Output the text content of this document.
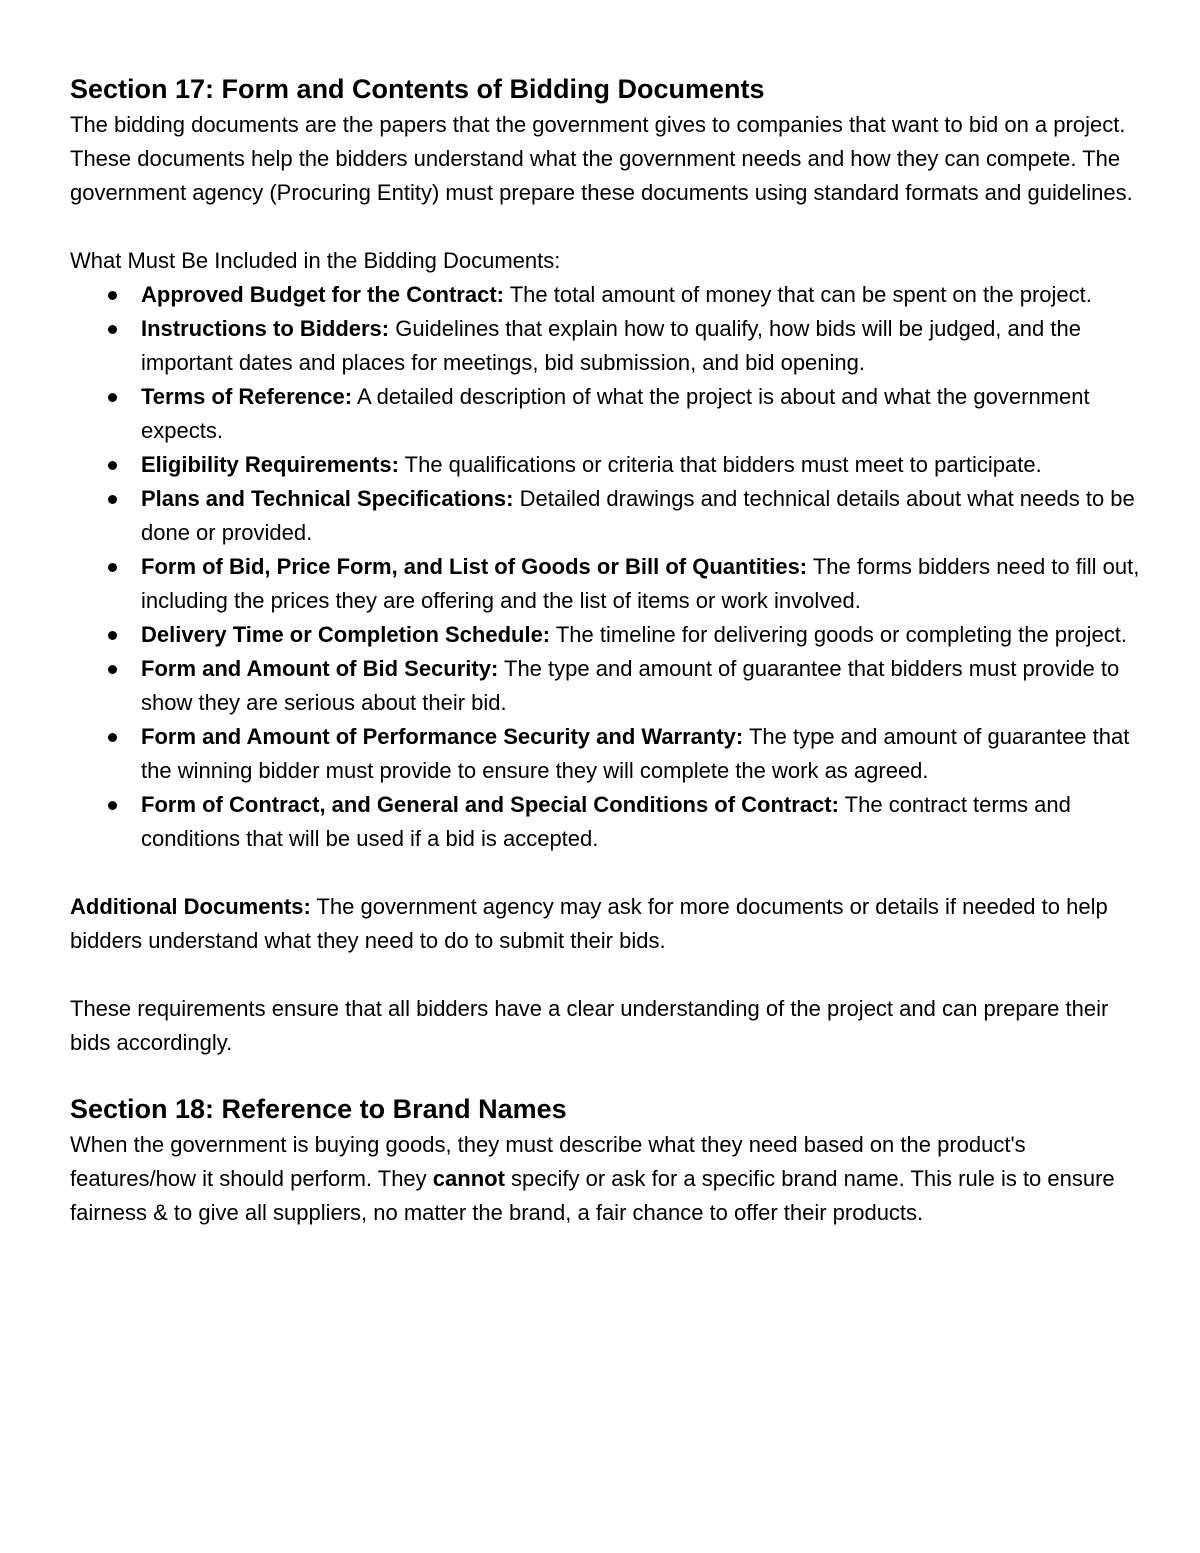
Section 17: Form and Contents of Bidding Documents

The bidding documents are the papers that the government gives to companies that want to bid on a project. These documents help the bidders understand what the government needs and how they can compete. The government agency (Procuring Entity) must prepare these documents using standard formats and guidelines.

What Must Be Included in the Bidding Documents:

Approved Budget for the Contract: The total amount of money that can be spent on the project.
Instructions to Bidders: Guidelines that explain how to qualify, how bids will be judged, and the important dates and places for meetings, bid submission, and bid opening.
Terms of Reference: A detailed description of what the project is about and what the government expects.
Eligibility Requirements: The qualifications or criteria that bidders must meet to participate.
Plans and Technical Specifications: Detailed drawings and technical details about what needs to be done or provided.
Form of Bid, Price Form, and List of Goods or Bill of Quantities: The forms bidders need to fill out, including the prices they are offering and the list of items or work involved.
Delivery Time or Completion Schedule: The timeline for delivering goods or completing the project.
Form and Amount of Bid Security: The type and amount of guarantee that bidders must provide to show they are serious about their bid.
Form and Amount of Performance Security and Warranty: The type and amount of guarantee that the winning bidder must provide to ensure they will complete the work as agreed.
Form of Contract, and General and Special Conditions of Contract: The contract terms and conditions that will be used if a bid is accepted.

Additional Documents: The government agency may ask for more documents or details if needed to help bidders understand what they need to do to submit their bids.

These requirements ensure that all bidders have a clear understanding of the project and can prepare their bids accordingly.

Section 18: Reference to Brand Names

When the government is buying goods, they must describe what they need based on the product's features/how it should perform. They cannot specify or ask for a specific brand name. This rule is to ensure fairness & to give all suppliers, no matter the brand, a fair chance to offer their products.
